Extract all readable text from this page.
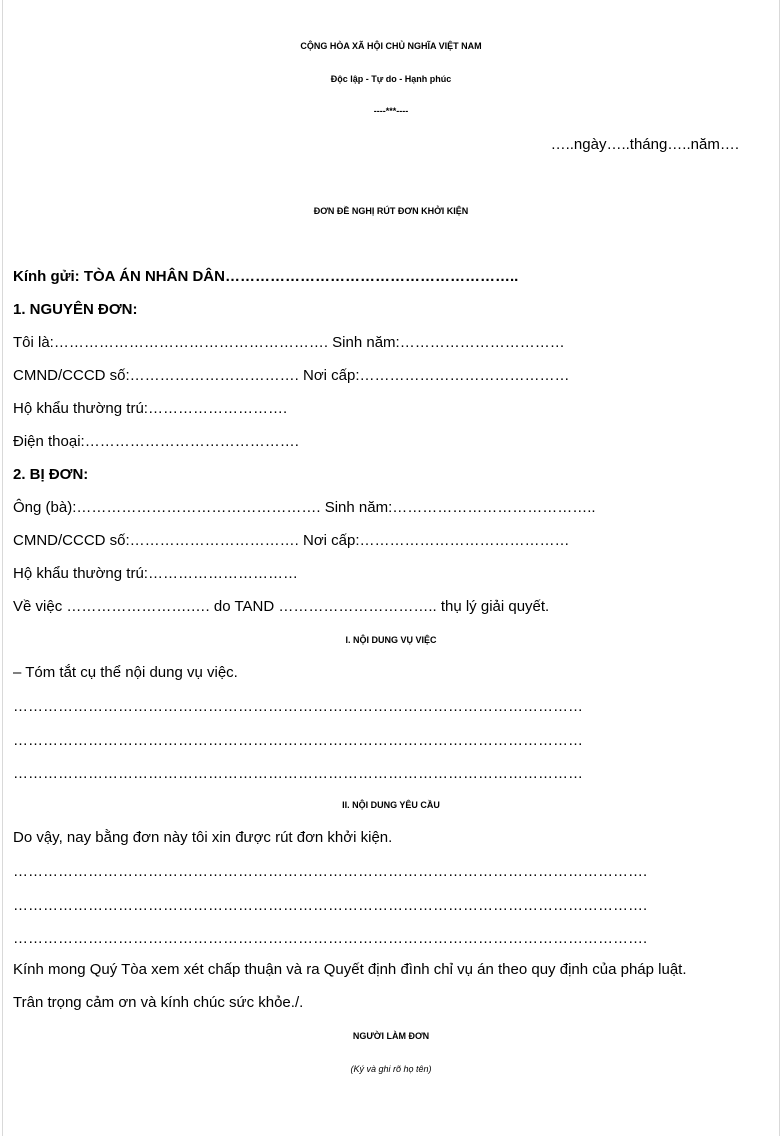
CỘNG HÒA XÃ HỘI CHỦ NGHĨA VIỆT NAM
Độc lập - Tự do - Hạnh phúc
----***----
…..ngày…..tháng…..năm….
ĐƠN ĐỀ NGHỊ RÚT ĐƠN KHỞI KIỆN
Kính gửi: TÒA ÁN NHÂN DÂN…………………………………………………..
1. NGUYÊN ĐƠN:
Tôi là:………………………………………………. Sinh năm:……………………………
CMND/CCCD số:……………………………. Nơi cấp:……………………………………
Hộ khẩu thường trú:……………………….
Điện thoại:…………………………………….
2. BỊ ĐƠN:
Ông (bà):…………………………………………. Sinh năm:…………………………………..
CMND/CCCD số:……………………………. Nơi cấp:……………………………………
Hộ khẩu thường trú:…………………………
Về việc …………………….…. do TAND ………………………….. thụ lý giải quyết.
I. NỘI DUNG VỤ VIỆC
– Tóm tắt cụ thể nội dung vụ việc.
……………………………………………………………………………………………………
……………………………………………………………………………………………………
……………………………………………………………………………………………………
II. NỘI DUNG YÊU CẦU
Do vậy, nay bằng đơn này tôi xin được rút đơn khởi kiện.
……………………………………………………………………………………………………………….
……………………………………………………………………………………………………………….
……………………………………………………………………………………………………………….
Kính mong Quý Tòa xem xét chấp thuận và ra Quyết định đình chỉ vụ án theo quy định của pháp luật.
Trân trọng cảm ơn và kính chúc sức khỏe./.
NGƯỜI LÀM ĐƠN
(Ký và ghi rõ họ tên)
